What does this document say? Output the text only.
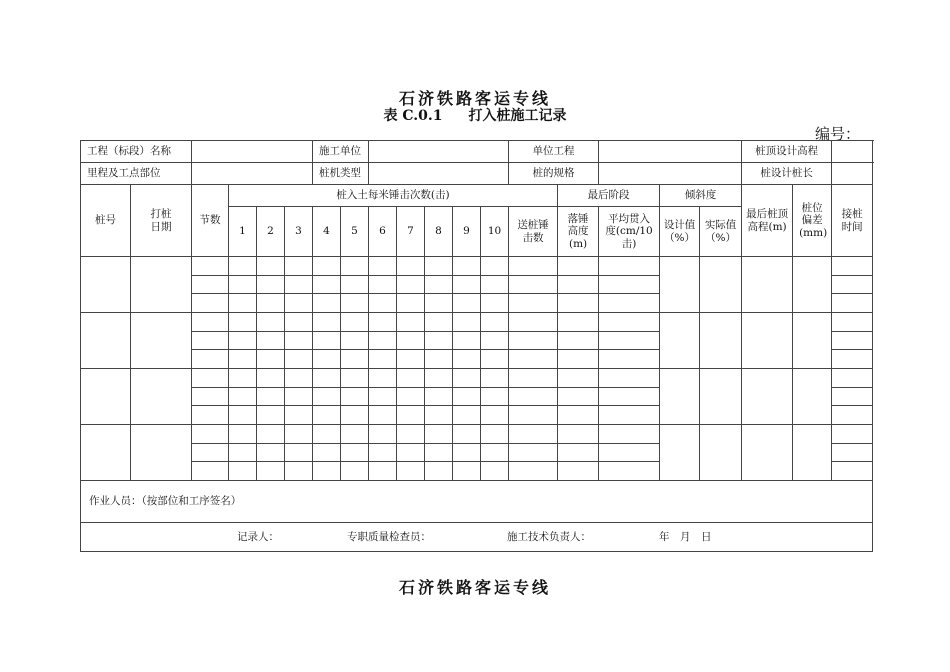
石济铁路客运专线
表 C.0.1 打入桩施工记录
编号：
工程（标段）名称						施工单位							单位工程					桩顶设计高程		
里程及工点部位						桩机类型							桩的规格					桩设计桩长		
桩号	打桩日期	节数	桩入土每米锤击次数(击)											最后阶段		倾斜度		最后桩顶高程(m)	桩位偏差(mm)	接桩时间
			1	2	3	4	5	6	7	8	9	10	送桩锤击数	落锤高度(m)	平均贯入度(cm/10击)	设计值（%）	实际值（%）			

作业人员：（按部位和工序签名）																				
记录人： 专职质量检查员： 施工技术负责人： 年　月　日																				
石济铁路客运专线
